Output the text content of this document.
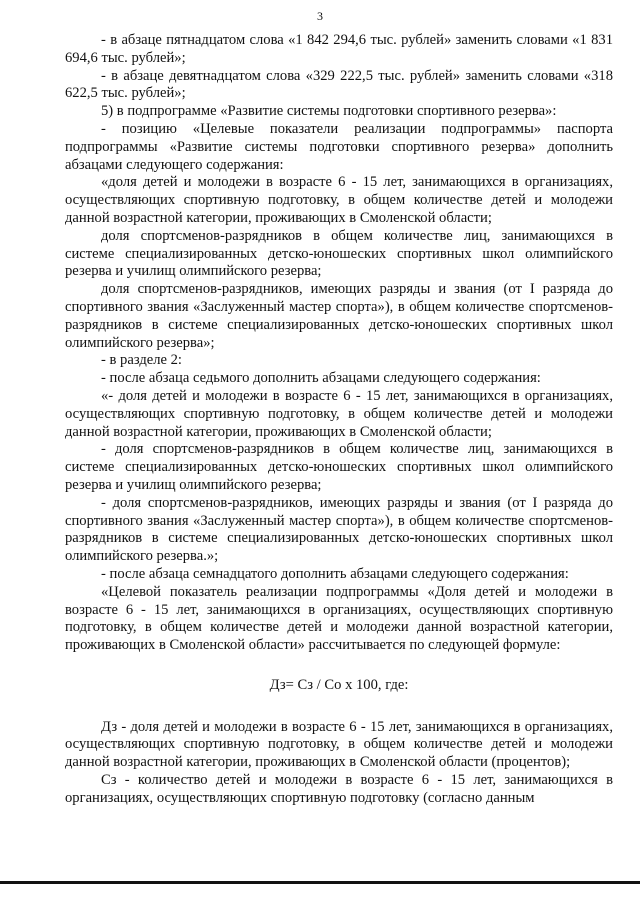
3

- в абзаце пятнадцатом слова «1 842 294,6 тыс. рублей» заменить словами «1 831 694,6 тыс. рублей»;

- в абзаце девятнадцатом слова «329 222,5 тыс. рублей» заменить словами «318 622,5 тыс. рублей»;

5) в подпрограмме «Развитие системы подготовки спортивного резерва»:

- позицию «Целевые показатели реализации подпрограммы» паспорта подпрограммы «Развитие системы подготовки спортивного резерва» дополнить абзацами следующего содержания:

«доля детей и молодежи в возрасте 6 - 15 лет, занимающихся в организациях, осуществляющих спортивную подготовку, в общем количестве детей и молодежи данной возрастной категории, проживающих в Смоленской области;

доля спортсменов-разрядников в общем количестве лиц, занимающихся в системе специализированных детско-юношеских спортивных школ олимпийского резерва и училищ олимпийского резерва;

доля спортсменов-разрядников, имеющих разряды и звания (от I разряда до спортивного звания «Заслуженный мастер спорта»), в общем количестве спортсменов-разрядников в системе специализированных детско-юношеских спортивных школ олимпийского резерва»;

- в разделе 2:

- после абзаца седьмого дополнить абзацами следующего содержания:

«- доля детей и молодежи в возрасте 6 - 15 лет, занимающихся в организациях, осуществляющих спортивную подготовку, в общем количестве детей и молодежи данной возрастной категории, проживающих в Смоленской области;

- доля спортсменов-разрядников в общем количестве лиц, занимающихся в системе специализированных детско-юношеских спортивных школ олимпийского резерва и училищ олимпийского резерва;

- доля спортсменов-разрядников, имеющих разряды и звания (от I разряда до спортивного звания «Заслуженный мастер спорта»), в общем количестве спортсменов-разрядников в системе специализированных детско-юношеских спортивных школ олимпийского резерва.»;

- после абзаца семнадцатого дополнить абзацами следующего содержания:

«Целевой показатель реализации подпрограммы «Доля детей и молодежи в возрасте 6 - 15 лет, занимающихся в организациях, осуществляющих спортивную подготовку, в общем количестве детей и молодежи данной возрастной категории, проживающих в Смоленской области» рассчитывается по следующей формуле:

Дз= Сз / Со х 100, где:

Дз - доля детей и молодежи в возрасте 6 - 15 лет, занимающихся в организациях, осуществляющих спортивную подготовку, в общем количестве детей и молодежи данной возрастной категории, проживающих в Смоленской области (процентов);

Сз - количество детей и молодежи в возрасте 6 - 15 лет, занимающихся в организациях, осуществляющих спортивную подготовку (согласно данным
